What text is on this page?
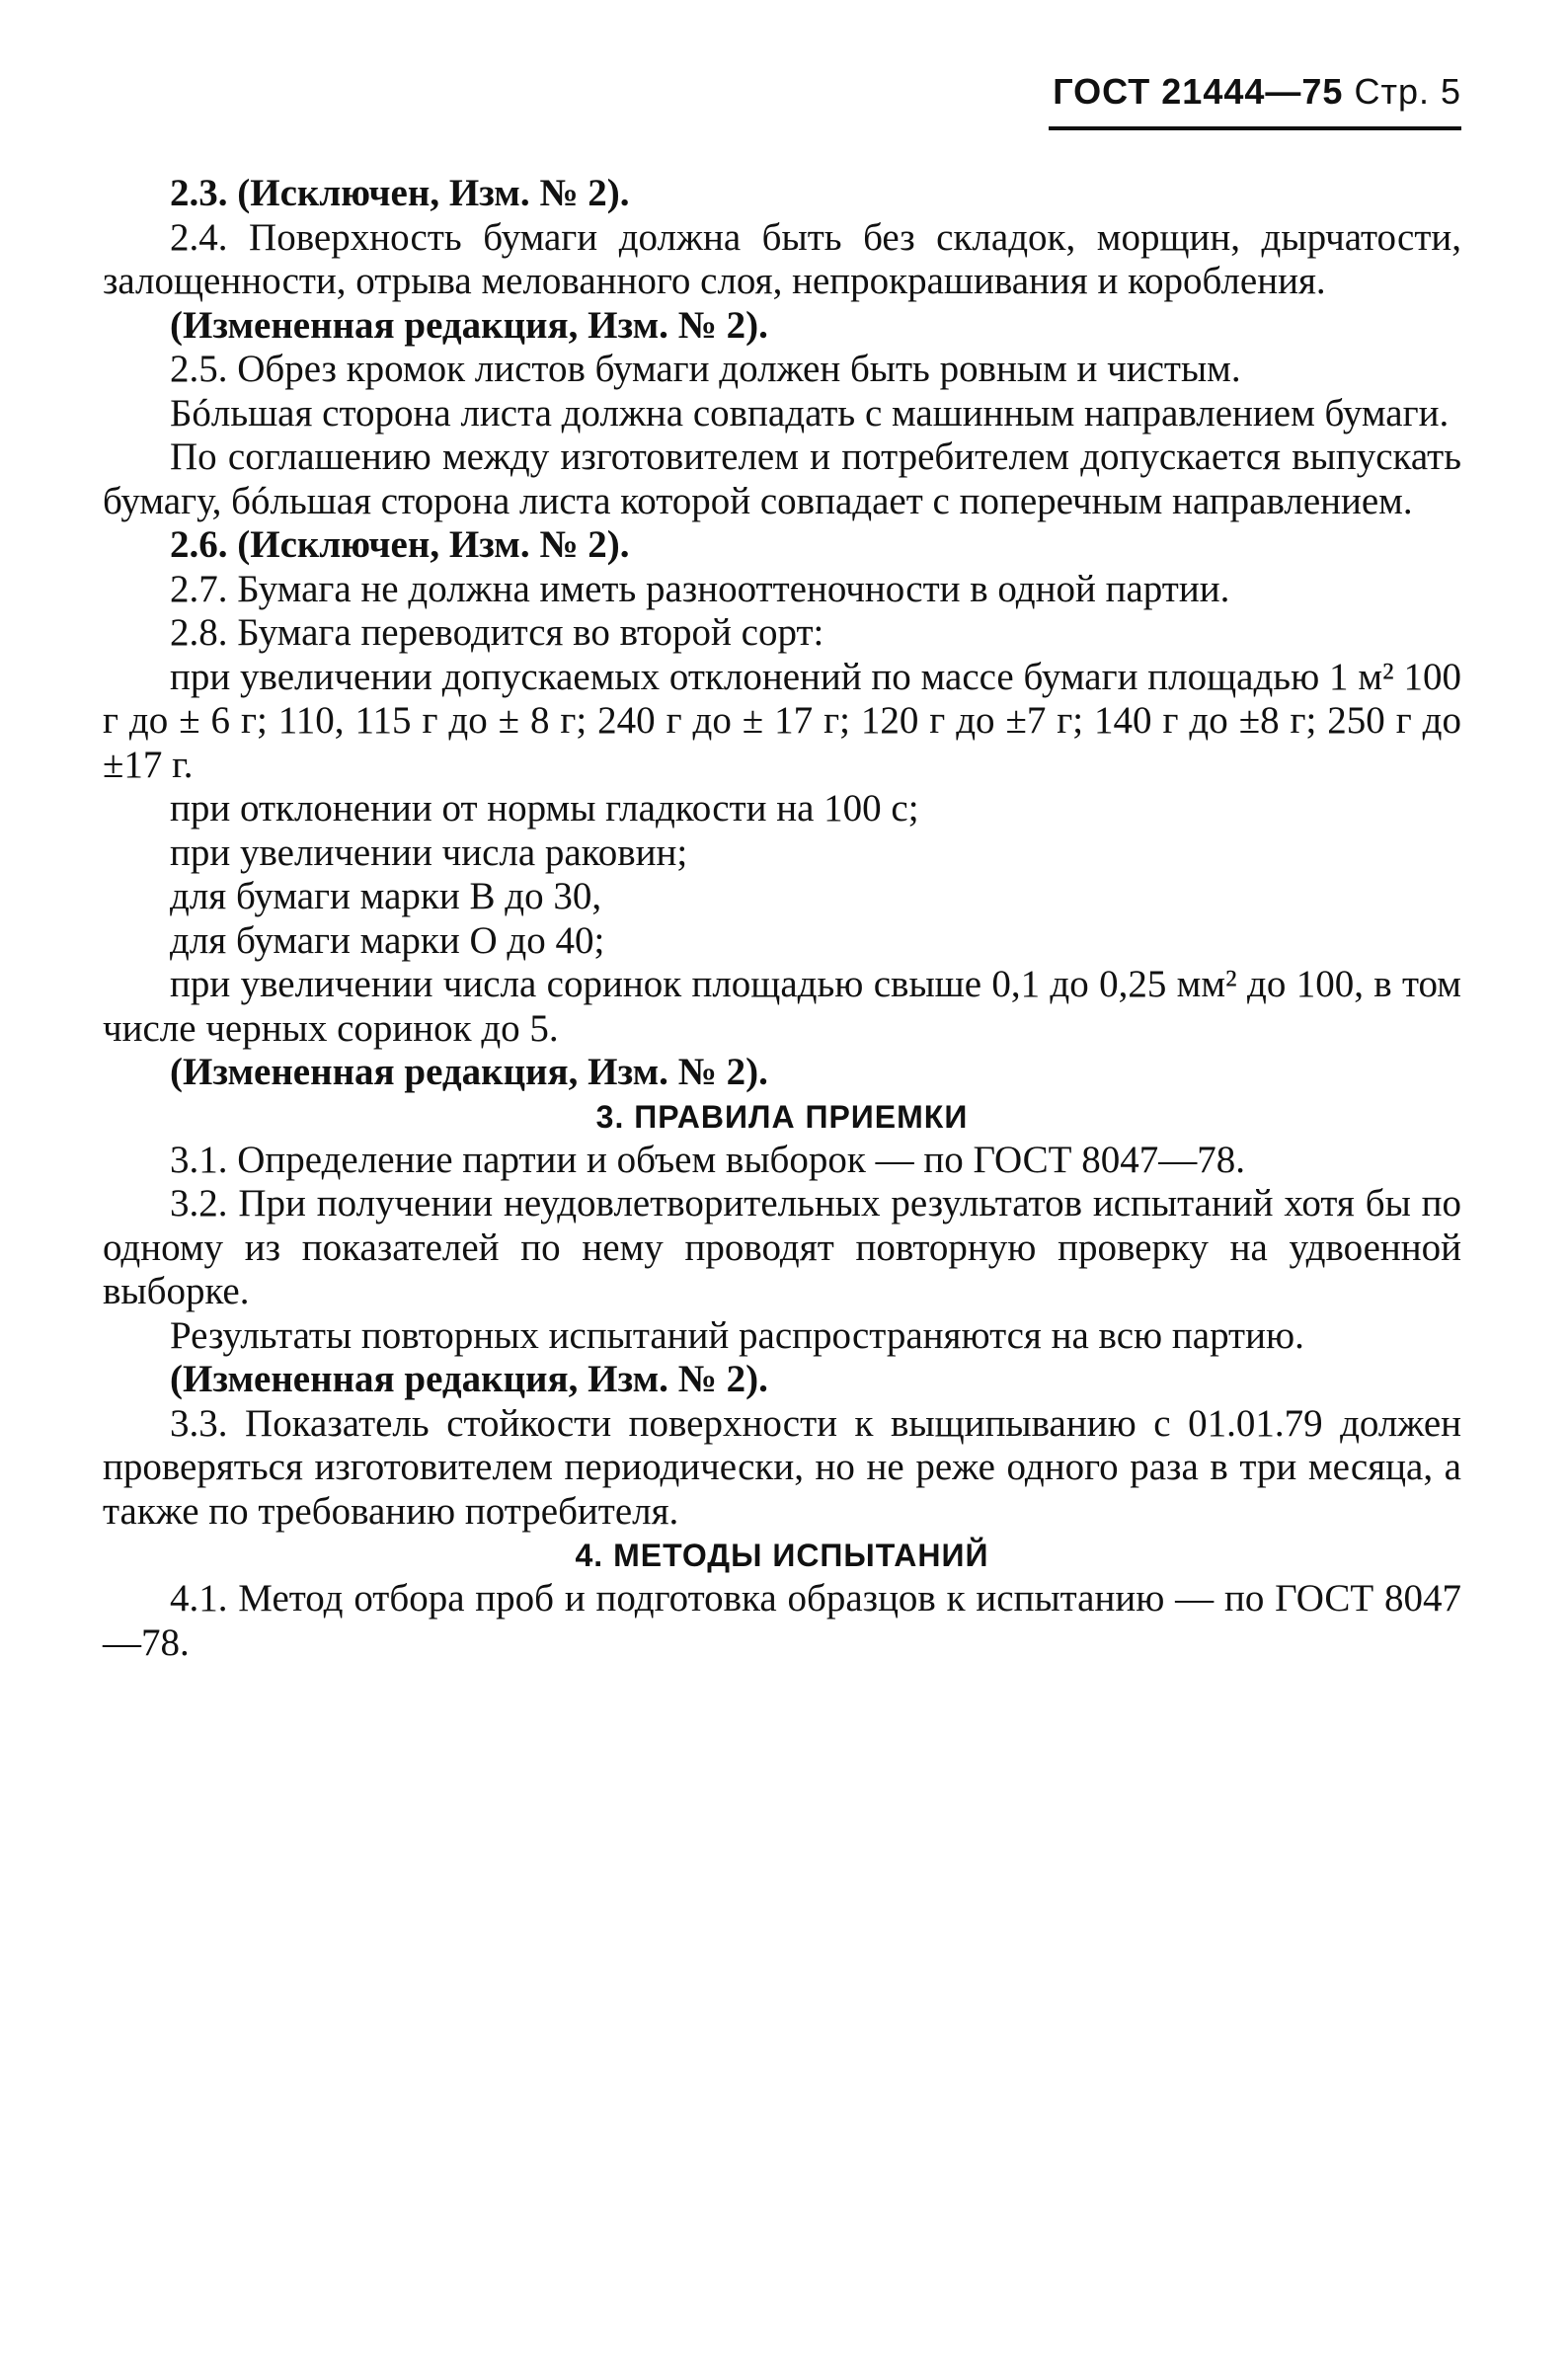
ГОСТ 21444—75 Стр. 5

2.3. (Исключен, Изм. № 2).

2.4. Поверхность бумаги должна быть без складок, морщин, дырчатости, залощенности, отрыва мелованного слоя, непрокрашивания и коробления.

(Измененная редакция, Изм. № 2).

2.5. Обрез кромок листов бумаги должен быть ровным и чистым.

Бóльшая сторона листа должна совпадать с машинным направлением бумаги.

По соглашению между изготовителем и потребителем допускается выпускать бумагу, бóльшая сторона листа которой совпадает с поперечным направлением.

2.6. (Исключен, Изм. № 2).

2.7. Бумага не должна иметь разнооттеночности в одной партии.

2.8. Бумага переводится во второй сорт:

при увеличении допускаемых отклонений по массе бумаги площадью 1 м² 100 г до ± 6 г; 110, 115 г до ± 8 г; 240 г до ± 17 г; 120 г до ±7 г; 140 г до ±8 г; 250 г до ±17 г.

при отклонении от нормы гладкости на 100 с;

при увеличении числа раковин;

для бумаги марки В до 30,

для бумаги марки О до 40;

при увеличении числа соринок площадью свыше 0,1 до 0,25 мм² до 100, в том числе черных соринок до 5.

(Измененная редакция, Изм. № 2).

3. ПРАВИЛА ПРИЕМКИ

3.1. Определение партии и объем выборок — по ГОСТ 8047—78.

3.2. При получении неудовлетворительных результатов испытаний хотя бы по одному из показателей по нему проводят повторную проверку на удвоенной выборке.

Результаты повторных испытаний распространяются на всю партию.

(Измененная редакция, Изм. № 2).

3.3. Показатель стойкости поверхности к выщипыванию с 01.01.79 должен проверяться изготовителем периодически, но не реже одного раза в три месяца, а также по требованию потребителя.

4. МЕТОДЫ ИСПЫТАНИЙ

4.1. Метод отбора проб и подготовка образцов к испытанию — по ГОСТ 8047—78.
